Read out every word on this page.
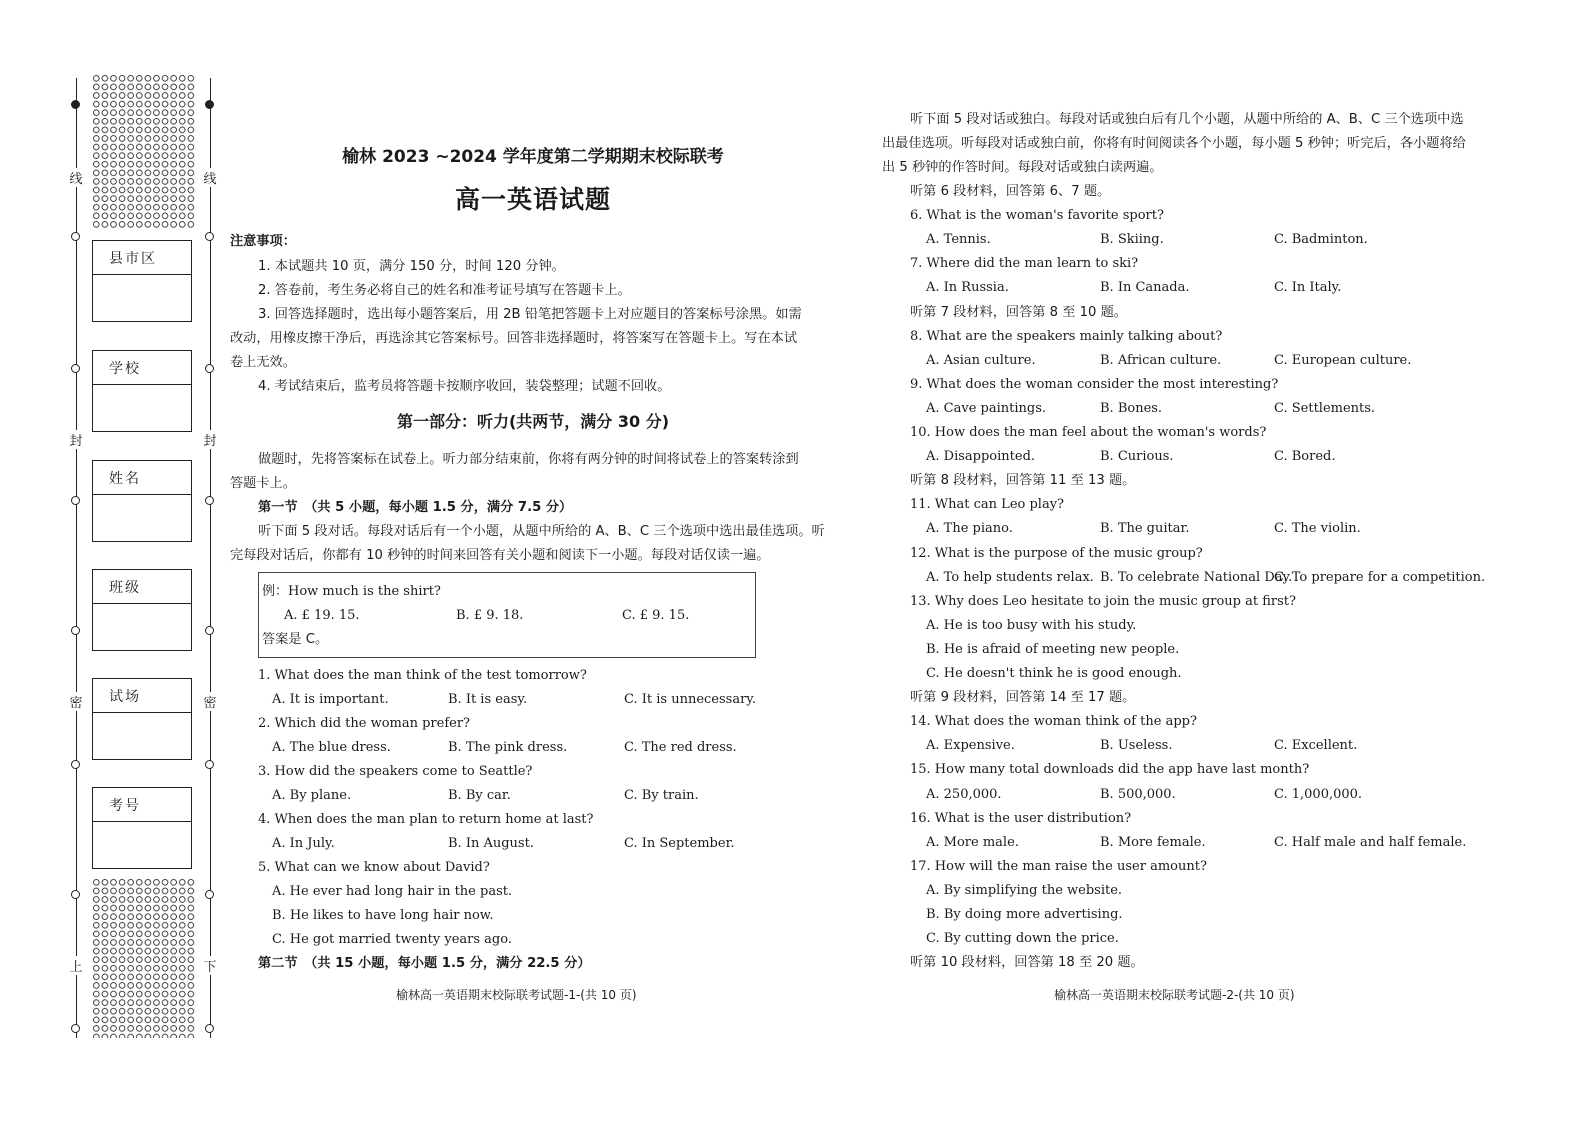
线
封
密
上
线
封
密
下
县市区
学校
姓名
班级
试场
考号
榆林 2023 ~2024 学年度第二学期期末校际联考
高一英语试题
注意事项：
1. 本试题共 10 页，满分 150 分，时间 120 分钟。
2. 答卷前，考生务必将自己的姓名和准考证号填写在答题卡上。
3. 回答选择题时，选出每小题答案后，用 2B 铅笔把答题卡上对应题目的答案标号涂黑。如需
改动，用橡皮擦干净后，再选涂其它答案标号。回答非选择题时，将答案写在答题卡上。写在本试
卷上无效。
4. 考试结束后，监考员将答题卡按顺序收回，装袋整理；试题不回收。
第一部分：听力(共两节，满分 30 分)
做题时，先将答案标在试卷上。听力部分结束前，你将有两分钟的时间将试卷上的答案转涂到
答题卡上。
第一节　（共 5 小题，每小题 1.5 分，满分 7.5 分）
听下面 5 段对话。每段对话后有一个小题，从题中所给的 A、B、C 三个选项中选出最佳选项。听
完每段对话后，你都有 10 秒钟的时间来回答有关小题和阅读下一小题。每段对话仅读一遍。
例：How much is the shirt?
A. £ 19. 15.	B. £ 9. 18.	C. £ 9. 15.
答案是 C。
1. What does the man think of the test tomorrow?
A. It is important.	B. It is easy.	C. It is unnecessary.
2. Which did the woman prefer?
A. The blue dress.	B. The pink dress.	C. The red dress.
3. How did the speakers come to Seattle?
A. By plane.	B. By car.	C. By train.
4. When does the man plan to return home at last?
A. In July.	B. In August.	C. In September.
5. What can we know about David?
A. He ever had long hair in the past.
B. He likes to have long hair now.
C. He got married twenty years ago.
第二节　（共 15 小题，每小题 1.5 分，满分 22.5 分）
榆林高一英语期末校际联考试题-1-(共 10 页)
听下面 5 段对话或独白。每段对话或独白后有几个小题，从题中所给的 A、B、C 三个选项中选
出最佳选项。听每段对话或独白前，你将有时间阅读各个小题，每小题 5 秒钟；听完后，各小题将给
出 5 秒钟的作答时间。每段对话或独白读两遍。
听第 6 段材料，回答第 6、7 题。
6. What is the woman's favorite sport?
A. Tennis.	B. Skiing.	C. Badminton.
7. Where did the man learn to ski?
A. In Russia.	B. In Canada.	C. In Italy.
听第 7 段材料，回答第 8 至 10 题。
8. What are the speakers mainly talking about?
A. Asian culture.	B. African culture.	C. European culture.
9. What does the woman consider the most interesting?
A. Cave paintings.	B. Bones.	C. Settlements.
10. How does the man feel about the woman's words?
A. Disappointed.	B. Curious.	C. Bored.
听第 8 段材料，回答第 11 至 13 题。
11. What can Leo play?
A. The piano.	B. The guitar.	C. The violin.
12. What is the purpose of the music group?
A. To help students relax. B. To celebrate National Day.
C. To prepare for a competition.
13. Why does Leo hesitate to join the music group at first?
A. He is too busy with his study.
B. He is afraid of meeting new people.
C. He doesn't think he is good enough.
听第 9 段材料，回答第 14 至 17 题。
14. What does the woman think of the app?
A. Expensive.	B. Useless.	C. Excellent.
15. How many total downloads did the app have last month?
A. 250,000.	B. 500,000.	C. 1,000,000.
16. What is the user distribution?
A. More male.	B. More female.	C. Half male and half female.
17. How will the man raise the user amount?
A. By simplifying the website.
B. By doing more advertising.
C. By cutting down the price.
听第 10 段材料，回答第 18 至 20 题。
榆林高一英语期末校际联考试题-2-(共 10 页)
